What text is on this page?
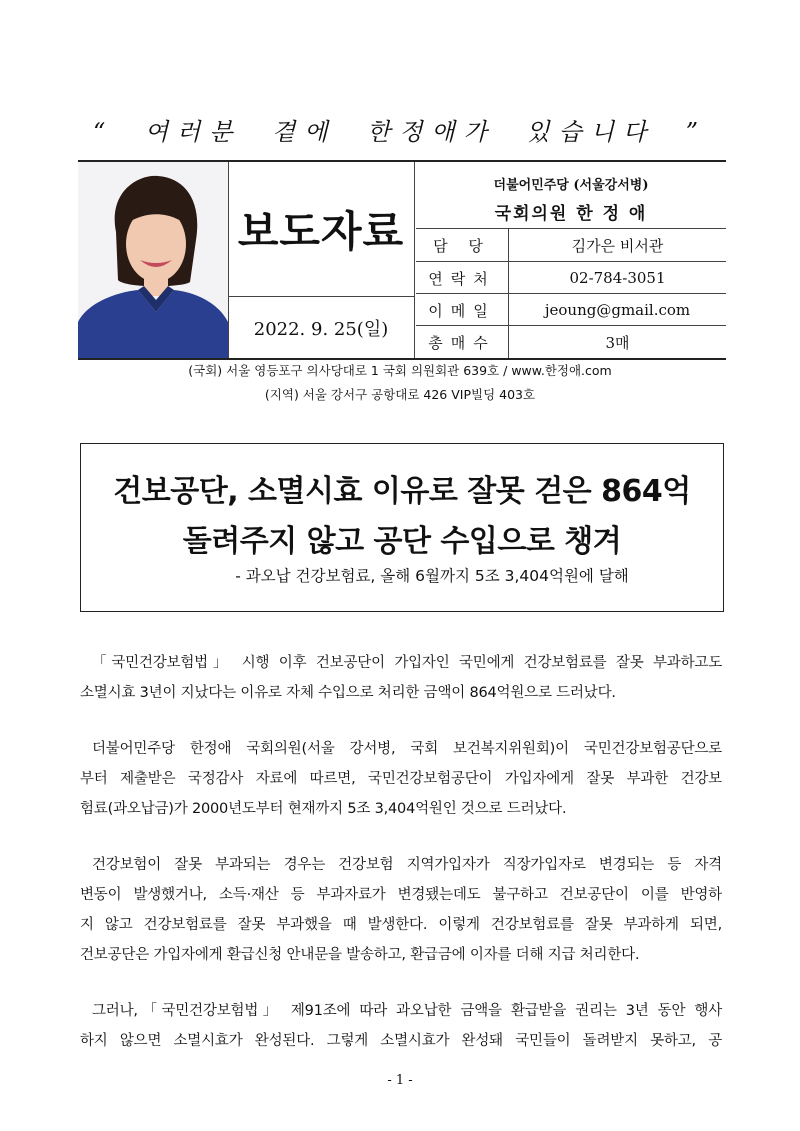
“ 여러분 곁에 한정애가 있습니다 ”
보도자료
2022. 9. 25(일)
더불어민주당 (서울강서병)
국회의원 한 정 애
담 당	김가은 비서관
연락처	02-784-3051
이메일	jeoung@gmail.com
총매수	3매
(국회) 서울 영등포구 의사당대로 1 국회 의원회관 639호 / www.한정애.com
(지역) 서울 강서구 공항대로 426 VIP빌딩 403호
건보공단, 소멸시효 이유로 잘못 걷은 864억
돌려주지 않고 공단 수입으로 챙겨
- 과오납 건강보험료, 올해 6월까지 5조 3,404억원에 달해
「국민건강보험법」 시행 이후 건보공단이 가입자인 국민에게 건강보험료를 잘못 부과하고도
소멸시효 3년이 지났다는 이유로 자체 수입으로 처리한 금액이 864억원으로 드러났다.
더불어민주당 한정애 국회의원(서울 강서병, 국회 보건복지위원회)이 국민건강보험공단으로
부터 제출받은 국정감사 자료에 따르면, 국민건강보험공단이 가입자에게 잘못 부과한 건강보
험료(과오납금)가 2000년도부터 현재까지 5조 3,404억원인 것으로 드러났다.
건강보험이 잘못 부과되는 경우는 건강보험 지역가입자가 직장가입자로 변경되는 등 자격
변동이 발생했거나, 소득·재산 등 부과자료가 변경됐는데도 불구하고 건보공단이 이를 반영하
지 않고 건강보험료를 잘못 부과했을 때 발생한다. 이렇게 건강보험료를 잘못 부과하게 되면,
건보공단은 가입자에게 환급신청 안내문을 발송하고, 환급금에 이자를 더해 지급 처리한다.
그러나,「국민건강보험법」 제91조에 따라 과오납한 금액을 환급받을 권리는 3년 동안 행사
하지 않으면 소멸시효가 완성된다. 그렇게 소멸시효가 완성돼 국민들이 돌려받지 못하고, 공
- 1 -
